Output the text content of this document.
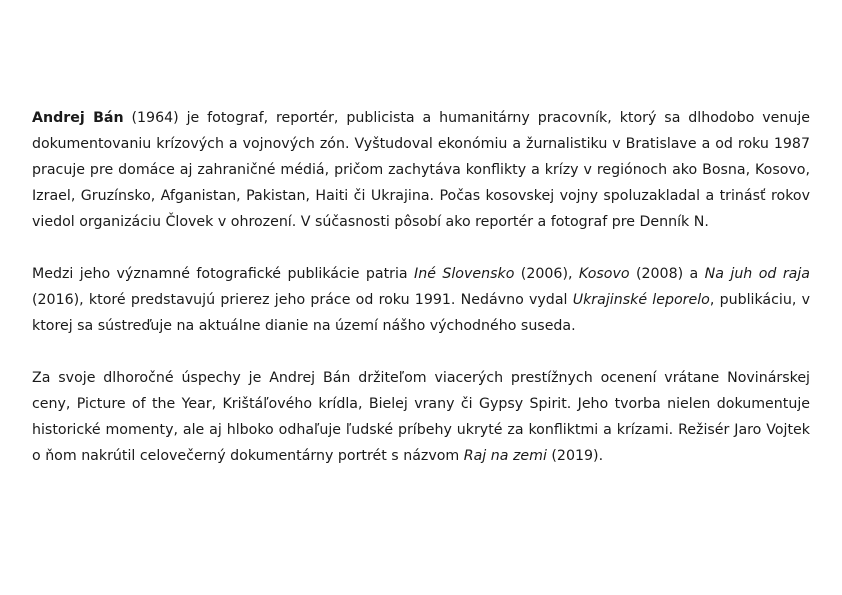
Andrej Bán (1964) je fotograf, reportér, publicista a humanitárny pracovník, ktorý sa dlhodobo venuje dokumentovaniu krízových a vojnových zón. Vyštudoval ekonómiu a žurnalistiku v Bratislave a od roku 1987 pracuje pre domáce aj zahraničné médiá, pričom zachytáva konflikty a krízy v regiónoch ako Bosna, Kosovo, Izrael, Gruzínsko, Afganistan, Pakistan, Haiti či Ukrajina. Počas kosovskej vojny spoluzakladal a trinásť rokov viedol organizáciu Človek v ohrození. V súčasnosti pôsobí ako reportér a fotograf pre Denník N.

Medzi jeho významné fotografické publikácie patria Iné Slovensko (2006), Kosovo (2008) a Na juh od raja (2016), ktoré predstavujú prierez jeho práce od roku 1991. Nedávno vydal Ukrajinské leporelo, publikáciu, v ktorej sa sústreďuje na aktuálne dianie na území nášho východného suseda.

Za svoje dlhoročné úspechy je Andrej Bán držiteľom viacerých prestížnych ocenení vrátane Novinárskej ceny, Picture of the Year, Krištáľového krídla, Bielej vrany či Gypsy Spirit. Jeho tvorba nielen dokumentuje historické momenty, ale aj hlboko odhaľuje ľudské príbehy ukryté za konfliktmi a krízami. Režisér Jaro Vojtek o ňom nakrútil celovečerný dokumentárny portrét s názvom Raj na zemi (2019).
